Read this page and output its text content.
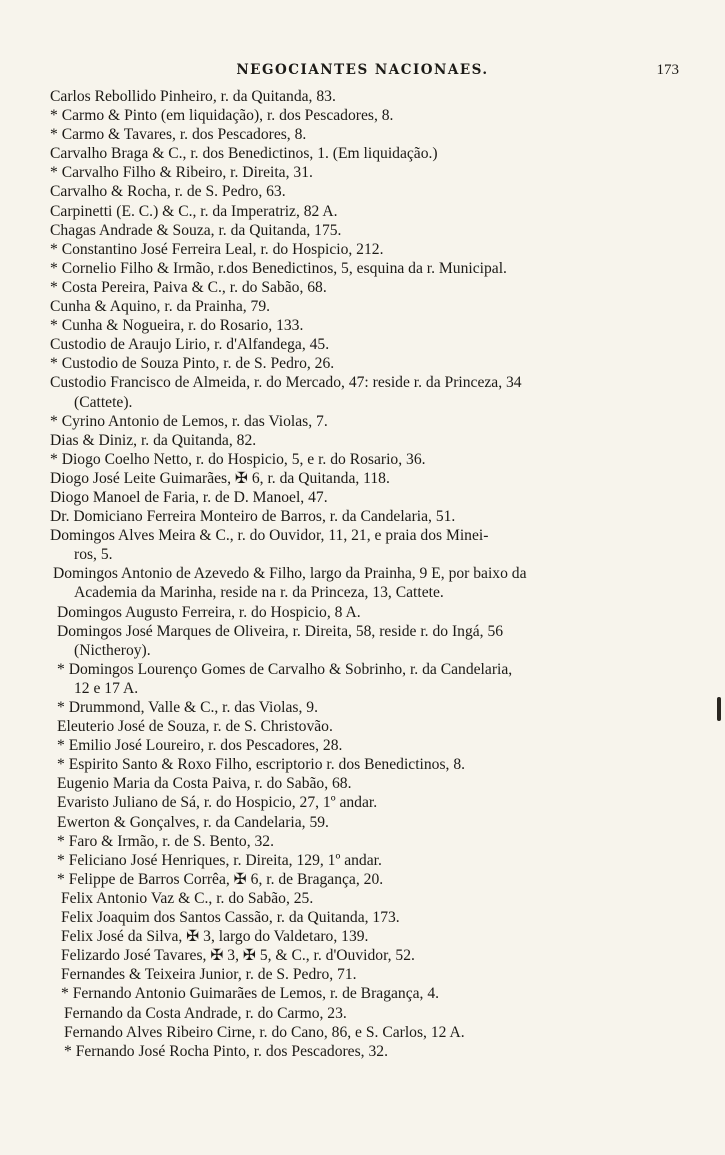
NEGOCIANTES NACIONAES.	173
Carlos Rebollido Pinheiro, r. da Quitanda, 83.
* Carmo & Pinto (em liquidação), r. dos Pescadores, 8.
* Carmo & Tavares, r. dos Pescadores, 8.
Carvalho Braga & C., r. dos Benedictinos, 1. (Em liquidação.)
* Carvalho Filho & Ribeiro, r. Direita, 31.
Carvalho & Rocha, r. de S. Pedro, 63.
Carpinetti (E. C.) & C., r. da Imperatriz, 82 A.
Chagas Andrade & Souza, r. da Quitanda, 175.
* Constantino José Ferreira Leal, r. do Hospicio, 212.
* Cornelio Filho & Irmão, r.dos Benedictinos, 5, esquina da r. Municipal.
* Costa Pereira, Paiva & C., r. do Sabão, 68.
Cunha & Aquino, r. da Prainha, 79.
* Cunha & Nogueira, r. do Rosario, 133.
Custodio de Araujo Lirio, r. d'Alfandega, 45.
* Custodio de Souza Pinto, r. de S. Pedro, 26.
Custodio Francisco de Almeida, r. do Mercado, 47: reside r. da Princeza, 34
(Cattete).
* Cyrino Antonio de Lemos, r. das Violas, 7.
Dias & Diniz, r. da Quitanda, 82.
* Diogo Coelho Netto, r. do Hospicio, 5, e r. do Rosario, 36.
Diogo José Leite Guimarães, ✠ 6, r. da Quitanda, 118.
Diogo Manoel de Faria, r. de D. Manoel, 47.
Dr. Domiciano Ferreira Monteiro de Barros, r. da Candelaria, 51.
Domingos Alves Meira & C., r. do Ouvidor, 11, 21, e praia dos Minei-
ros, 5.
Domingos Antonio de Azevedo & Filho, largo da Prainha, 9 E, por baixo da
Academia da Marinha, reside na r. da Princeza, 13, Cattete.
Domingos Augusto Ferreira, r. do Hospicio, 8 A.
Domingos José Marques de Oliveira, r. Direita, 58, reside r. do Ingá, 56
(Nictheroy).
* Domingos Lourenço Gomes de Carvalho & Sobrinho, r. da Candelaria,
12 e 17 A.
* Drummond, Valle & C., r. das Violas, 9.
Eleuterio José de Souza, r. de S. Christovão.
* Emilio José Loureiro, r. dos Pescadores, 28.
* Espirito Santo & Roxo Filho, escriptorio r. dos Benedictinos, 8.
Eugenio Maria da Costa Paiva, r. do Sabão, 68.
Evaristo Juliano de Sá, r. do Hospicio, 27, 1º andar.
Ewerton & Gonçalves, r. da Candelaria, 59.
* Faro & Irmão, r. de S. Bento, 32.
* Feliciano José Henriques, r. Direita, 129, 1º andar.
* Felippe de Barros Corrêa, ✠ 6, r. de Bragança, 20.
Felix Antonio Vaz & C., r. do Sabão, 25.
Felix Joaquim dos Santos Cassão, r. da Quitanda, 173.
Felix José da Silva, ✠ 3, largo do Valdetaro, 139.
Felizardo José Tavares, ✠ 3, ✠ 5, & C., r. d'Ouvidor, 52.
Fernandes & Teixeira Junior, r. de S. Pedro, 71.
* Fernando Antonio Guimarães de Lemos, r. de Bragança, 4.
Fernando da Costa Andrade, r. do Carmo, 23.
Fernando Alves Ribeiro Cirne, r. do Cano, 86, e S. Carlos, 12 A.
* Fernando José Rocha Pinto, r. dos Pescadores, 32.
